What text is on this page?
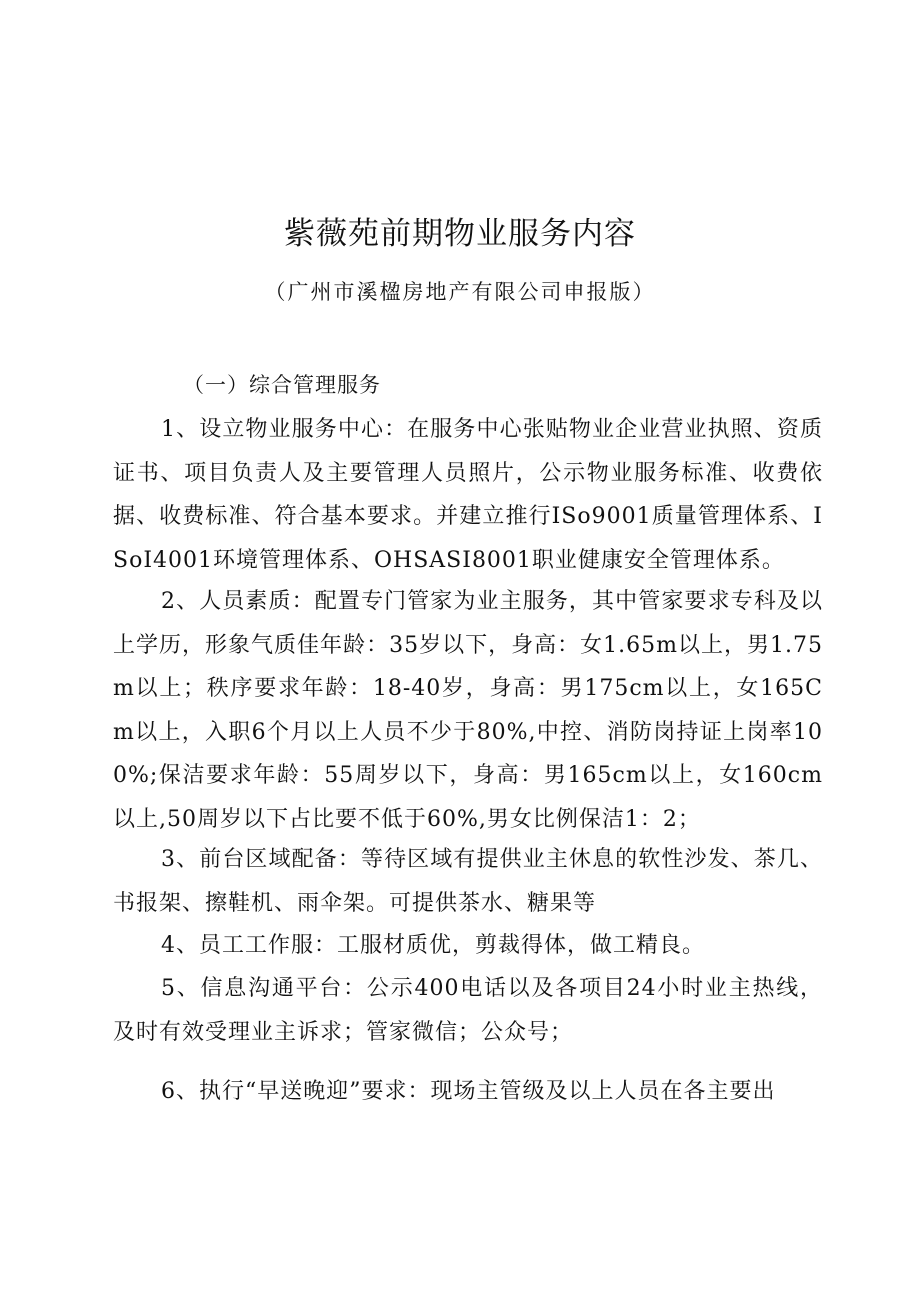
紫薇苑前期物业服务内容

（广州市溪楹房地产有限公司申报版）

（一）综合管理服务

1、设立物业服务中心：在服务中心张贴物业企业营业执照、资质证书、项目负责人及主要管理人员照片，公示物业服务标准、收费依据、收费标准、符合基本要求。并建立推行ISo9001质量管理体系、ISoI4001环境管理体系、OHSASI8001职业健康安全管理体系。

2、人员素质：配置专门管家为业主服务，其中管家要求专科及以上学历，形象气质佳年龄：35岁以下，身高：女1.65m以上，男1.75m以上；秩序要求年龄：18-40岁，身高：男175cm以上，女165Cm以上，入职6个月以上人员不少于80%,中控、消防岗持证上岗率100%;保洁要求年龄：55周岁以下，身高：男165cm以上，女160cm以上,50周岁以下占比要不低于60%,男女比例保洁1：2；

3、前台区域配备：等待区域有提供业主休息的软性沙发、茶几、书报架、擦鞋机、雨伞架。可提供茶水、糖果等

4、员工工作服：工服材质优，剪裁得体，做工精良。

5、信息沟通平台：公示400电话以及各项目24小时业主热线，及时有效受理业主诉求；管家微信；公众号；

6、执行“早送晚迎”要求：现场主管级及以上人员在各主要出
